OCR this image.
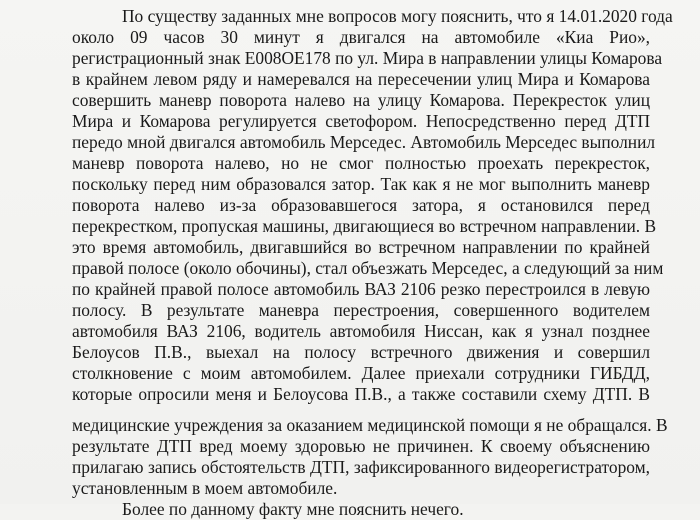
По существу заданных мне вопросов могу пояснить, что я 14.01.2020 года
около 09 часов 30 минут я двигался на автомобиле «Киа Рио»,
регистрационный знак Е008ОЕ178 по ул. Мира в направлении улицы Комарова
в крайнем левом ряду и намеревался на пересечении улиц Мира и Комарова
совершить маневр поворота налево на улицу Комарова. Перекресток улиц
Мира и Комарова регулируется светофором. Непосредственно перед ДТП
передо мной двигался автомобиль Мерседес. Автомобиль Мерседес выполнил
маневр поворота налево, но не смог полностью проехать перекресток,
поскольку перед ним образовался затор. Так как я не мог выполнить маневр
поворота налево из-за образовавшегося затора, я остановился перед
перекрестком, пропуская машины, двигающиеся во встречном направлении. В
это время автомобиль, двигавшийся во встречном направлении по крайней
правой полосе (около обочины), стал объезжать Мерседес, а следующий за ним
по крайней правой полосе автомобиль ВАЗ 2106 резко перестроился в левую
полосу. В результате маневра перестроения, совершенного водителем
автомобиля ВАЗ 2106, водитель автомобиля Ниссан, как я узнал позднее
Белоусов П.В., выехал на полосу встречного движения и совершил
столкновение с моим автомобилем. Далее приехали сотрудники ГИБДД,
которые опросили меня и Белоусова П.В., а также составили схему ДТП. В
медицинские учреждения за оказанием медицинской помощи я не обращался. В
результате ДТП вред моему здоровью не причинен. К своему объяснению
прилагаю запись обстоятельств ДТП, зафиксированного видеорегистратором,
установленным в моем автомобиле.
Более по данному факту мне пояснить нечего.
